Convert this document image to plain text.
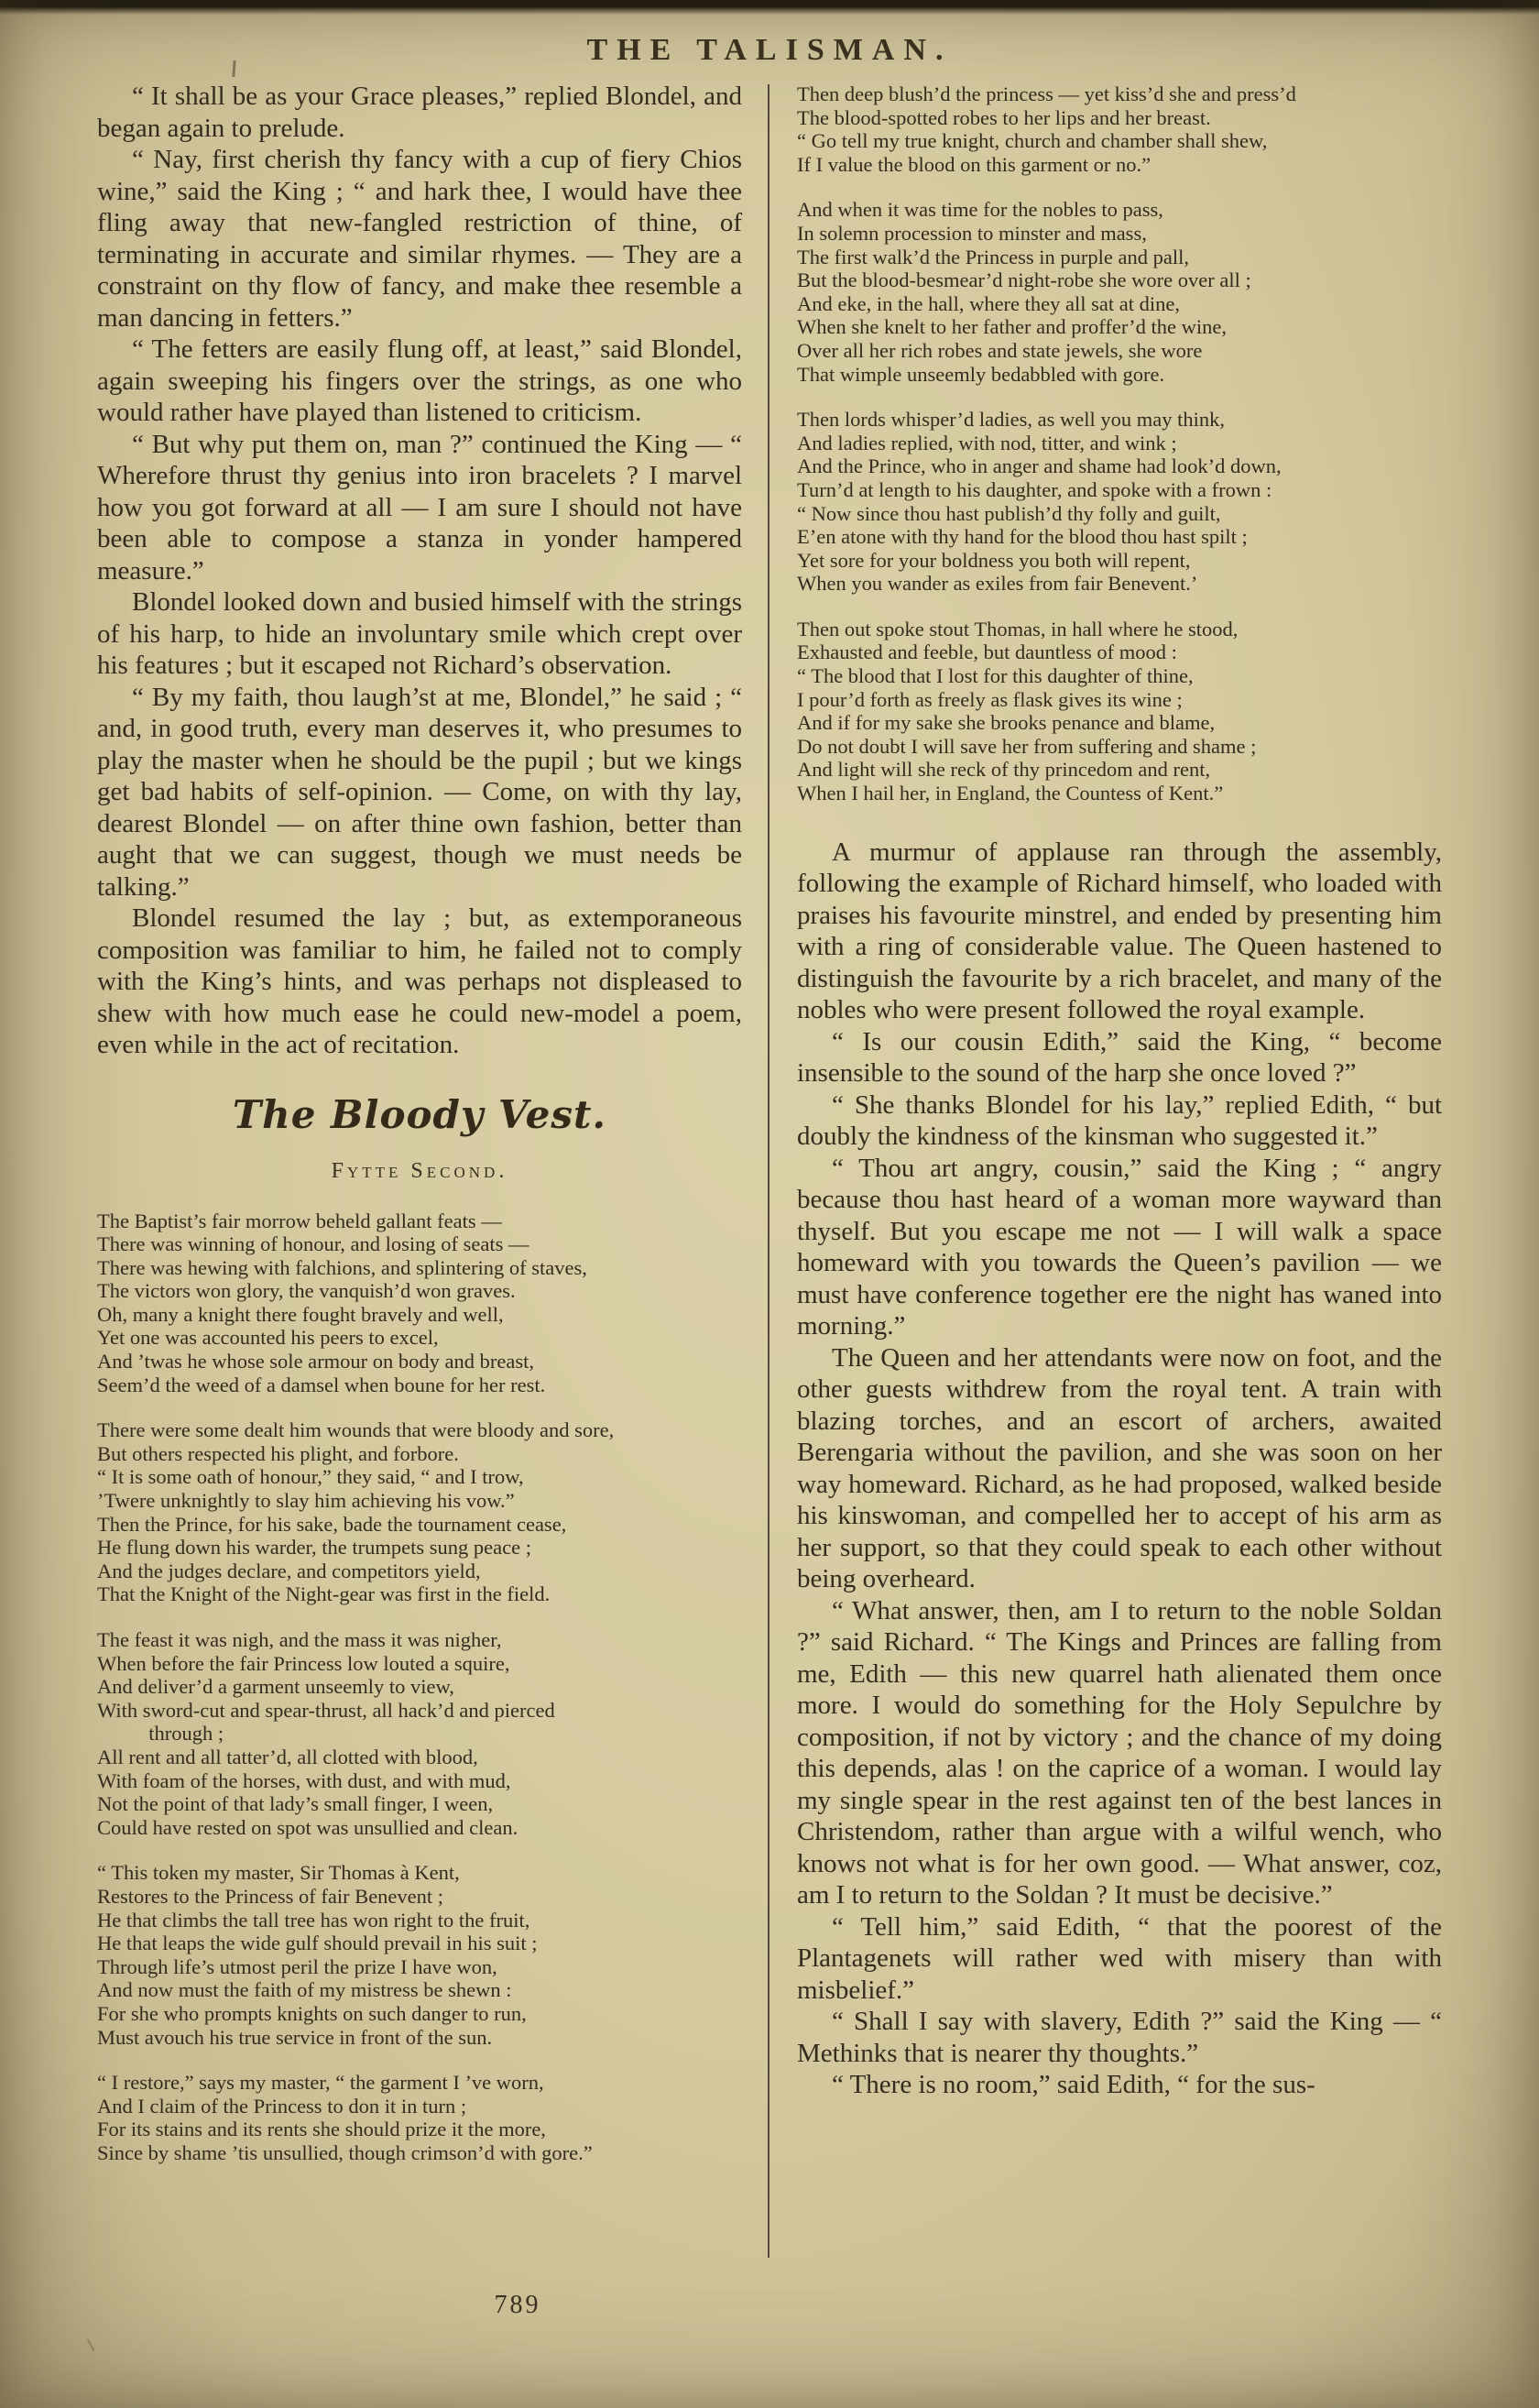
THE TALISMAN.

“ It shall be as your Grace pleases,” replied Blondel, and began again to prelude.

“ Nay, first cherish thy fancy with a cup of fiery Chios wine,” said the King ; “ and hark thee, I would have thee fling away that new-fangled restriction of thine, of terminating in accurate and similar rhymes. — They are a constraint on thy flow of fancy, and make thee resemble a man dancing in fetters.”

“ The fetters are easily flung off, at least,” said Blondel, again sweeping his fingers over the strings, as one who would rather have played than listened to criticism.

“ But why put them on, man ?” continued the King — “ Wherefore thrust thy genius into iron bracelets ? I marvel how you got forward at all — I am sure I should not have been able to compose a stanza in yonder hampered measure.”

Blondel looked down and busied himself with the strings of his harp, to hide an involuntary smile which crept over his features ; but it escaped not Richard’s observation.

“ By my faith, thou laugh’st at me, Blondel,” he said ; “ and, in good truth, every man deserves it, who presumes to play the master when he should be the pupil ; but we kings get bad habits of self-opinion. — Come, on with thy lay, dearest Blondel — on after thine own fashion, better than aught that we can suggest, though we must needs be talking.”

Blondel resumed the lay ; but, as extemporaneous composition was familiar to him, he failed not to comply with the King’s hints, and was perhaps not displeased to shew with how much ease he could new-model a poem, even while in the act of recitation.

The Bloody Vest.
Fytte Second.
The Baptist’s fair morrow beheld gallant feats —
There was winning of honour, and losing of seats —
There was hewing with falchions, and splintering of staves,
The victors won glory, the vanquish’d won graves.
Oh, many a knight there fought bravely and well,
Yet one was accounted his peers to excel,
And ’twas he whose sole armour on body and breast,
Seem’d the weed of a damsel when boune for her rest.
There were some dealt him wounds that were bloody and sore,
But others respected his plight, and forbore.
“ It is some oath of honour,” they said, “ and I trow,
’Twere unknightly to slay him achieving his vow.”
Then the Prince, for his sake, bade the tournament cease,
He flung down his warder, the trumpets sung peace ;
And the judges declare, and competitors yield,
That the Knight of the Night-gear was first in the field.
The feast it was nigh, and the mass it was nigher,
When before the fair Princess low louted a squire,
And deliver’d a garment unseemly to view,
With sword-cut and spear-thrust, all hack’d and pierced
through ;
All rent and all tatter’d, all clotted with blood,
With foam of the horses, with dust, and with mud,
Not the point of that lady’s small finger, I ween,
Could have rested on spot was unsullied and clean.
“ This token my master, Sir Thomas à Kent,
Restores to the Princess of fair Benevent ;
He that climbs the tall tree has won right to the fruit,
He that leaps the wide gulf should prevail in his suit ;
Through life’s utmost peril the prize I have won,
And now must the faith of my mistress be shewn :
For she who prompts knights on such danger to run,
Must avouch his true service in front of the sun.
“ I restore,” says my master, “ the garment I ’ve worn,
And I claim of the Princess to don it in turn ;
For its stains and its rents she should prize it the more,
Since by shame ’tis unsullied, though crimson’d with gore.”
Then deep blush’d the princess — yet kiss’d she and press’d
The blood-spotted robes to her lips and her breast.
“ Go tell my true knight, church and chamber shall shew,
If I value the blood on this garment or no.”
And when it was time for the nobles to pass,
In solemn procession to minster and mass,
The first walk’d the Princess in purple and pall,
But the blood-besmear’d night-robe she wore over all ;
And eke, in the hall, where they all sat at dine,
When she knelt to her father and proffer’d the wine,
Over all her rich robes and state jewels, she wore
That wimple unseemly bedabbled with gore.
Then lords whisper’d ladies, as well you may think,
And ladies replied, with nod, titter, and wink ;
And the Prince, who in anger and shame had look’d down,
Turn’d at length to his daughter, and spoke with a frown :
“ Now since thou hast publish’d thy folly and guilt,
E’en atone with thy hand for the blood thou hast spilt ;
Yet sore for your boldness you both will repent,
When you wander as exiles from fair Benevent.’
Then out spoke stout Thomas, in hall where he stood,
Exhausted and feeble, but dauntless of mood :
“ The blood that I lost for this daughter of thine,
I pour’d forth as freely as flask gives its wine ;
And if for my sake she brooks penance and blame,
Do not doubt I will save her from suffering and shame ;
And light will she reck of thy princedom and rent,
When I hail her, in England, the Countess of Kent.”

A murmur of applause ran through the assembly, following the example of Richard himself, who loaded with praises his favourite minstrel, and ended by presenting him with a ring of considerable value. The Queen hastened to distinguish the favourite by a rich bracelet, and many of the nobles who were present followed the royal example.

“ Is our cousin Edith,” said the King, “ become insensible to the sound of the harp she once loved ?”

“ She thanks Blondel for his lay,” replied Edith, “ but doubly the kindness of the kinsman who suggested it.”

“ Thou art angry, cousin,” said the King ; “ angry because thou hast heard of a woman more wayward than thyself. But you escape me not — I will walk a space homeward with you towards the Queen’s pavilion — we must have conference together ere the night has waned into morning.”

The Queen and her attendants were now on foot, and the other guests withdrew from the royal tent. A train with blazing torches, and an escort of archers, awaited Berengaria without the pavilion, and she was soon on her way homeward. Richard, as he had proposed, walked beside his kinswoman, and compelled her to accept of his arm as her support, so that they could speak to each other without being overheard.

“ What answer, then, am I to return to the noble Soldan ?” said Richard. “ The Kings and Princes are falling from me, Edith — this new quarrel hath alienated them once more. I would do something for the Holy Sepulchre by composition, if not by victory ; and the chance of my doing this depends, alas ! on the caprice of a woman. I would lay my single spear in the rest against ten of the best lances in Christendom, rather than argue with a wilful wench, who knows not what is for her own good. — What answer, coz, am I to return to the Soldan ? It must be decisive.”

“ Tell him,” said Edith, “ that the poorest of the Plantagenets will rather wed with misery than with misbelief.”

“ Shall I say with slavery, Edith ?” said the King — “ Methinks that is nearer thy thoughts.”

“ There is no room,” said Edith, “ for the sus-

789
